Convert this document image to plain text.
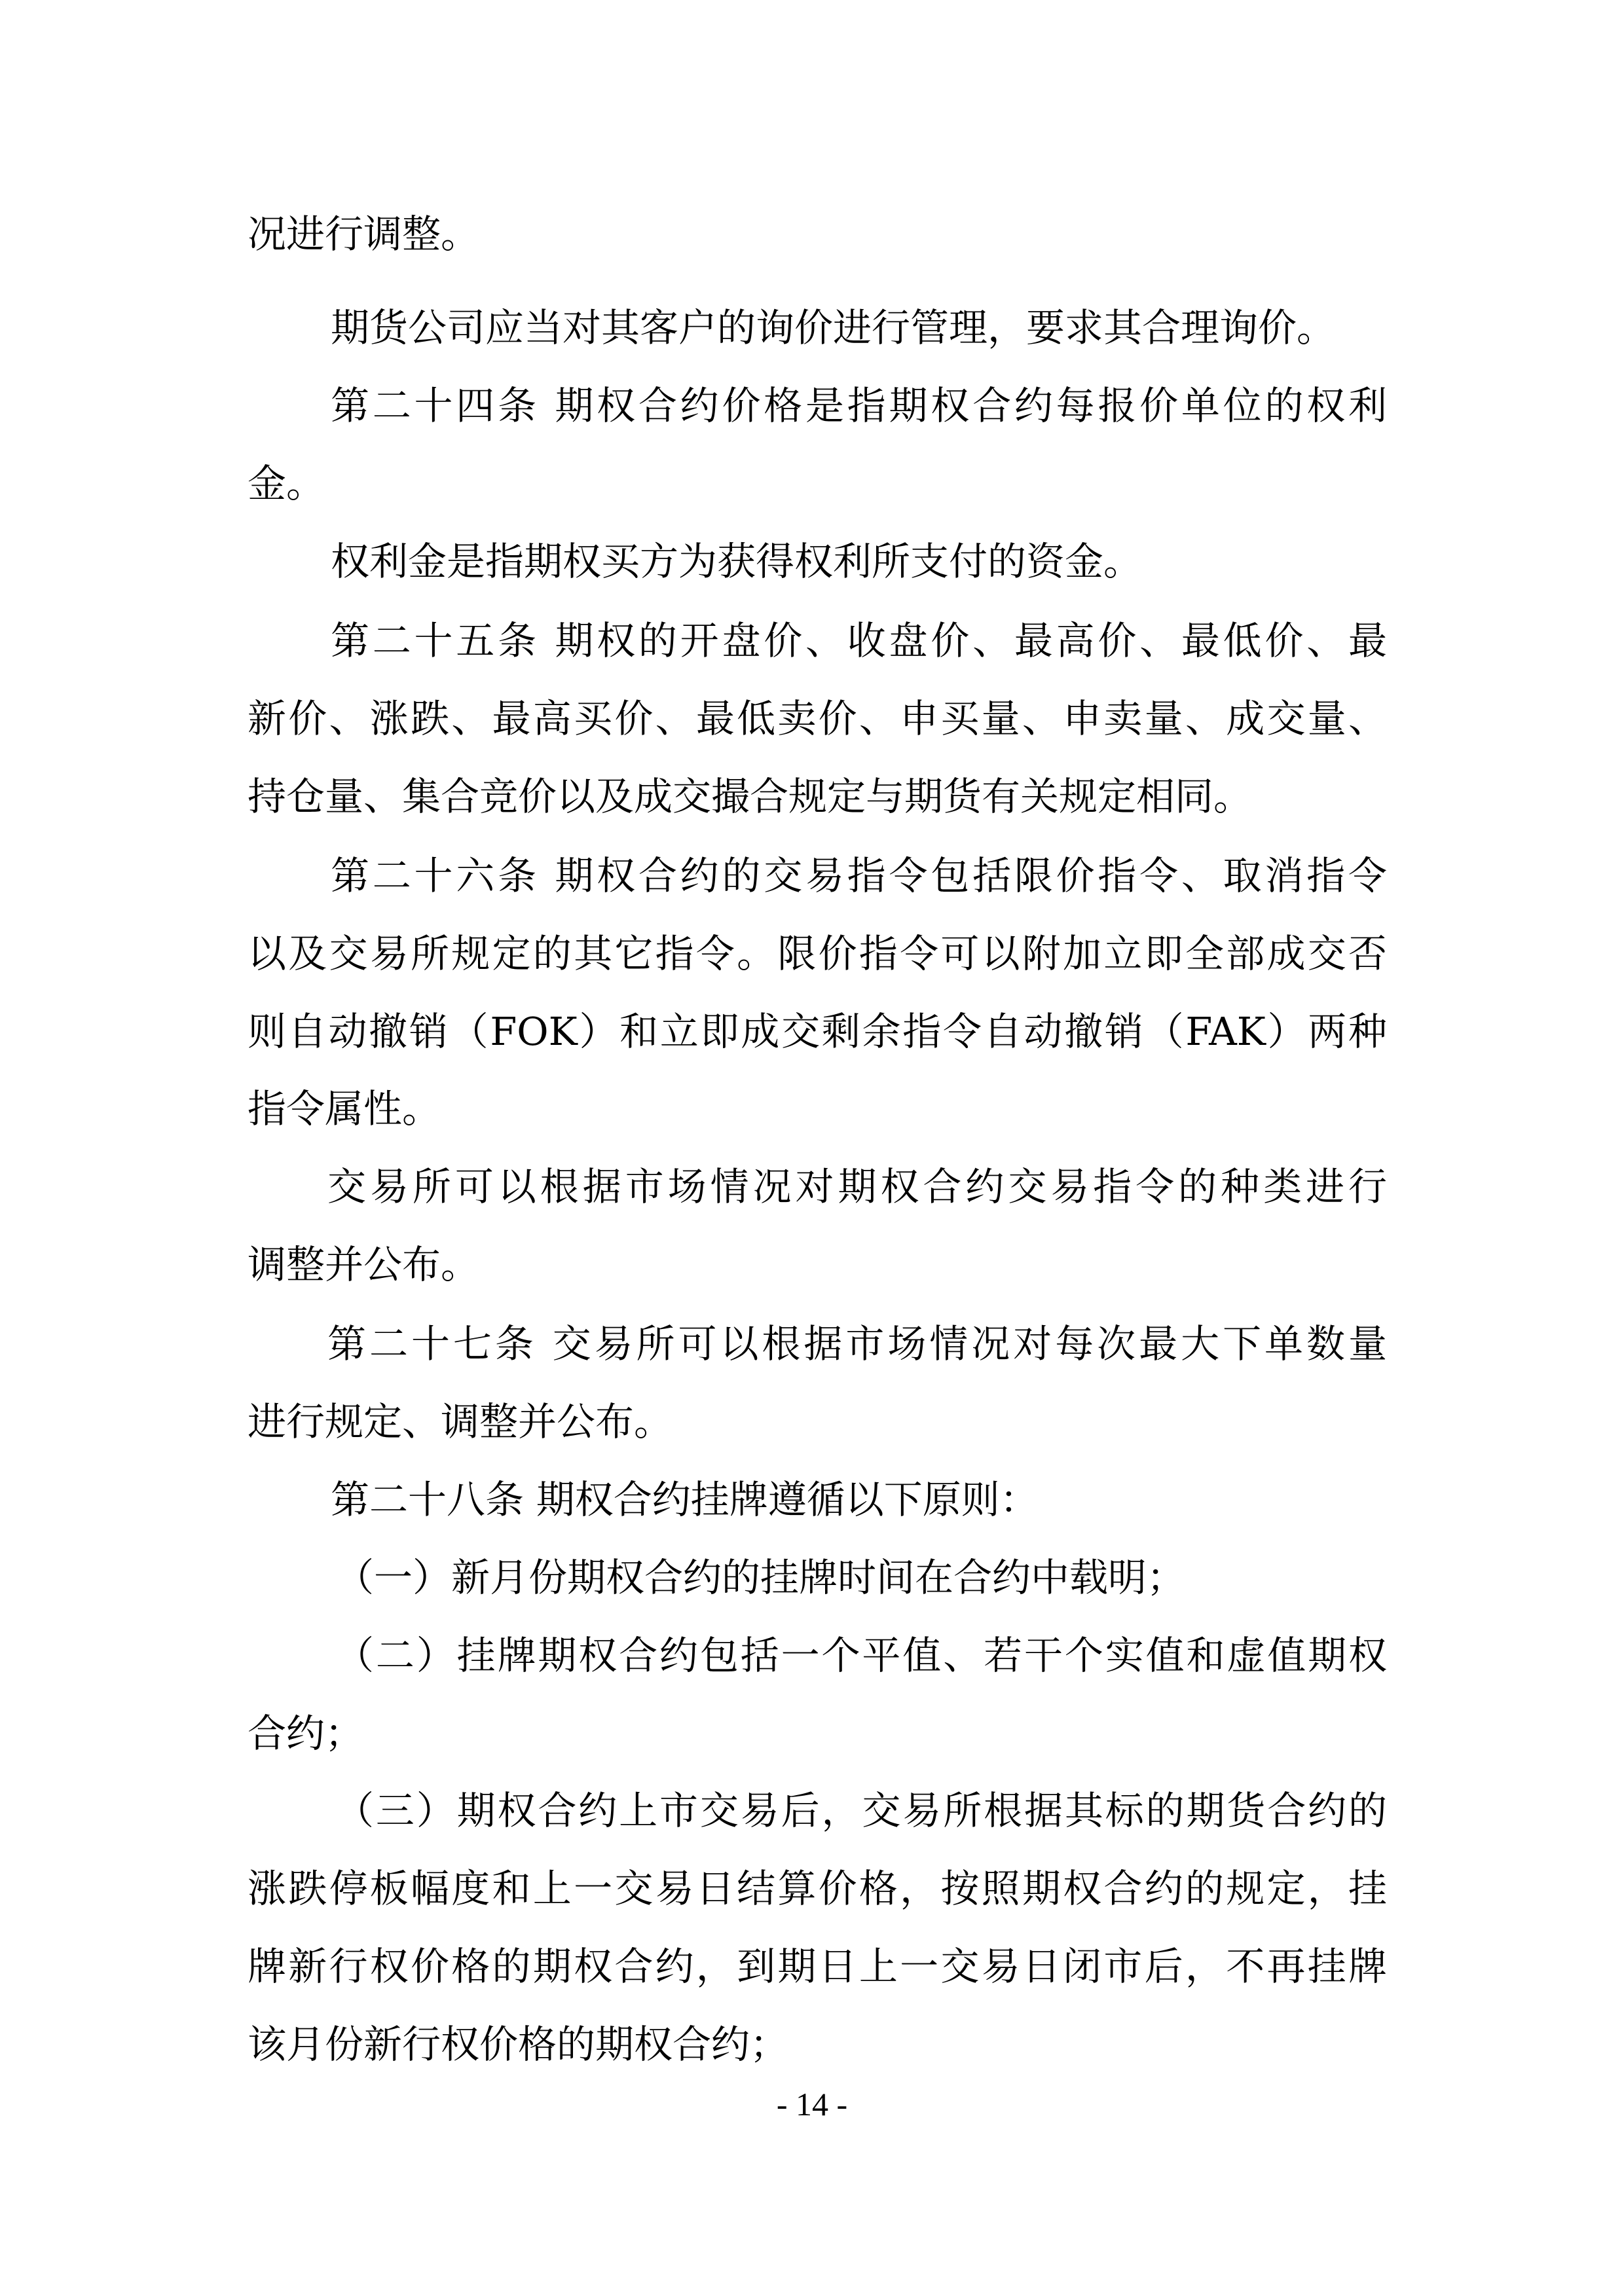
况进行调整。
期货公司应当对其客户的询价进行管理，要求其合理询价。
第二十四条 期权合约价格是指期权合约每报价单位的权利
金。
权利金是指期权买方为获得权利所支付的资金。
第二十五条 期权的开盘价、收盘价、最高价、最低价、最
新价、涨跌、最高买价、最低卖价、申买量、申卖量、成交量、
持仓量、集合竞价以及成交撮合规定与期货有关规定相同。
第二十六条 期权合约的交易指令包括限价指令、取消指令
以及交易所规定的其它指令。限价指令可以附加立即全部成交否
则自动撤销（FOK）和立即成交剩余指令自动撤销（FAK）两种
指令属性。
交易所可以根据市场情况对期权合约交易指令的种类进行
调整并公布。
第二十七条 交易所可以根据市场情况对每次最大下单数量
进行规定、调整并公布。
第二十八条 期权合约挂牌遵循以下原则：
（一）新月份期权合约的挂牌时间在合约中载明；
（二）挂牌期权合约包括一个平值、若干个实值和虚值期权
合约；
（三）期权合约上市交易后，交易所根据其标的期货合约的
涨跌停板幅度和上一交易日结算价格，按照期权合约的规定，挂
牌新行权价格的期权合约，到期日上一交易日闭市后，不再挂牌
该月份新行权价格的期权合约；
- 14 -
